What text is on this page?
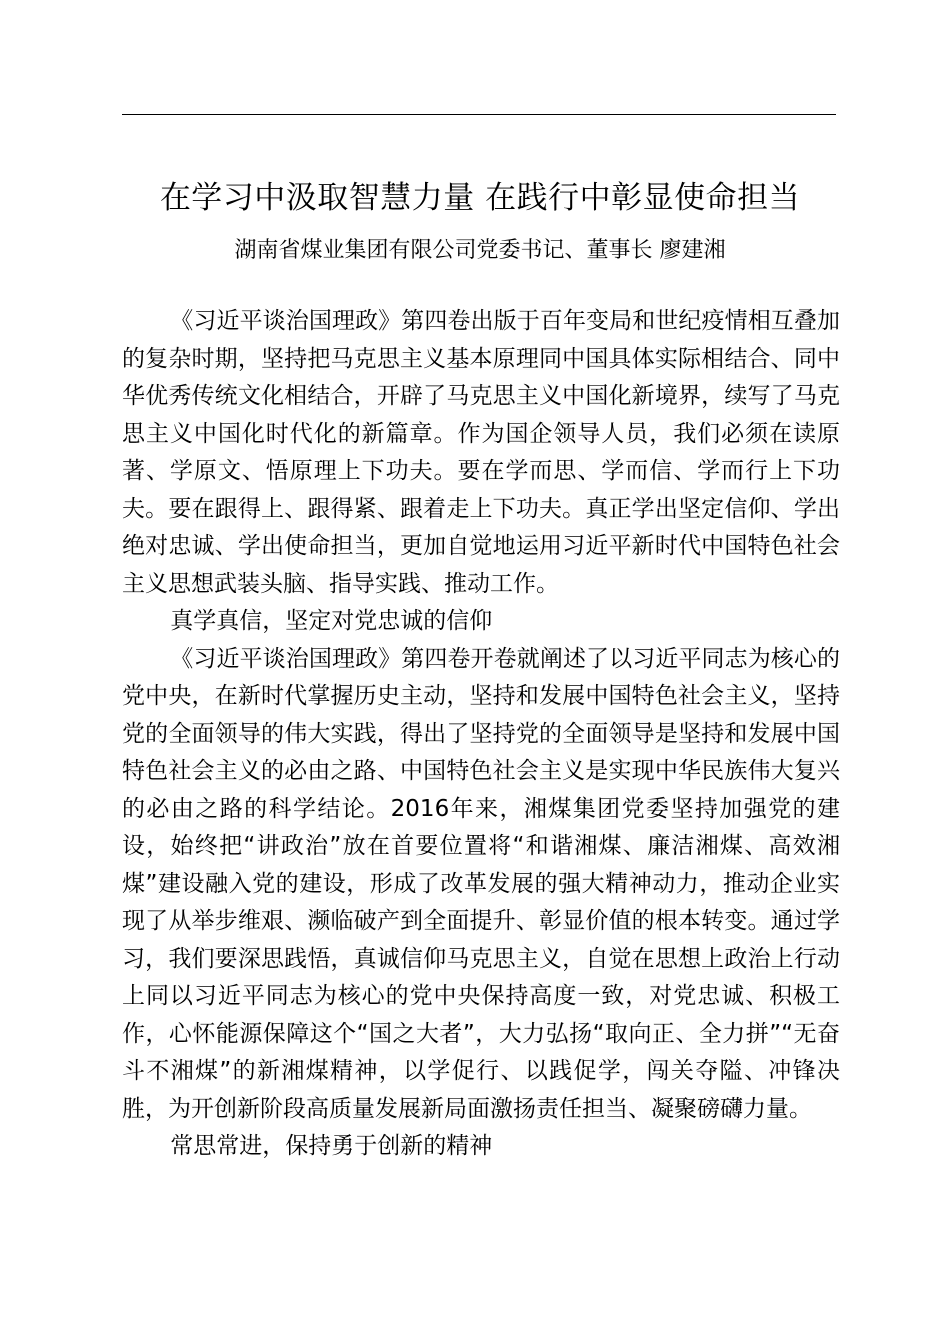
在学习中汲取智慧力量 在践行中彰显使命担当
湖南省煤业集团有限公司党委书记、董事长 廖建湘

《习近平谈治国理政》第四卷出版于百年变局和世纪疫情相互叠加的复杂时期，坚持把马克思主义基本原理同中国具体实际相结合、同中华优秀传统文化相结合，开辟了马克思主义中国化新境界，续写了马克思主义中国化时代化的新篇章。作为国企领导人员，我们必须在读原著、学原文、悟原理上下功夫。要在学而思、学而信、学而行上下功夫。要在跟得上、跟得紧、跟着走上下功夫。真正学出坚定信仰、学出绝对忠诚、学出使命担当，更加自觉地运用习近平新时代中国特色社会主义思想武装头脑、指导实践、推动工作。

真学真信，坚定对党忠诚的信仰

《习近平谈治国理政》第四卷开卷就阐述了以习近平同志为核心的党中央，在新时代掌握历史主动，坚持和发展中国特色社会主义，坚持党的全面领导的伟大实践，得出了坚持党的全面领导是坚持和发展中国特色社会主义的必由之路、中国特色社会主义是实现中华民族伟大复兴的必由之路的科学结论。2016年来，湘煤集团党委坚持加强党的建设，始终把“讲政治”放在首要位置将“和谐湘煤、廉洁湘煤、高效湘煤”建设融入党的建设，形成了改革发展的强大精神动力，推动企业实现了从举步维艰、濒临破产到全面提升、彰显价值的根本转变。通过学习，我们要深思践悟，真诚信仰马克思主义，自觉在思想上政治上行动上同以习近平同志为核心的党中央保持高度一致，对党忠诚、积极工作，心怀能源保障这个“国之大者”，大力弘扬“取向正、全力拼”“无奋斗不湘煤”的新湘煤精神，以学促行、以践促学，闯关夺隘、冲锋决胜，为开创新阶段高质量发展新局面激扬责任担当、凝聚磅礴力量。

常思常进，保持勇于创新的精神
